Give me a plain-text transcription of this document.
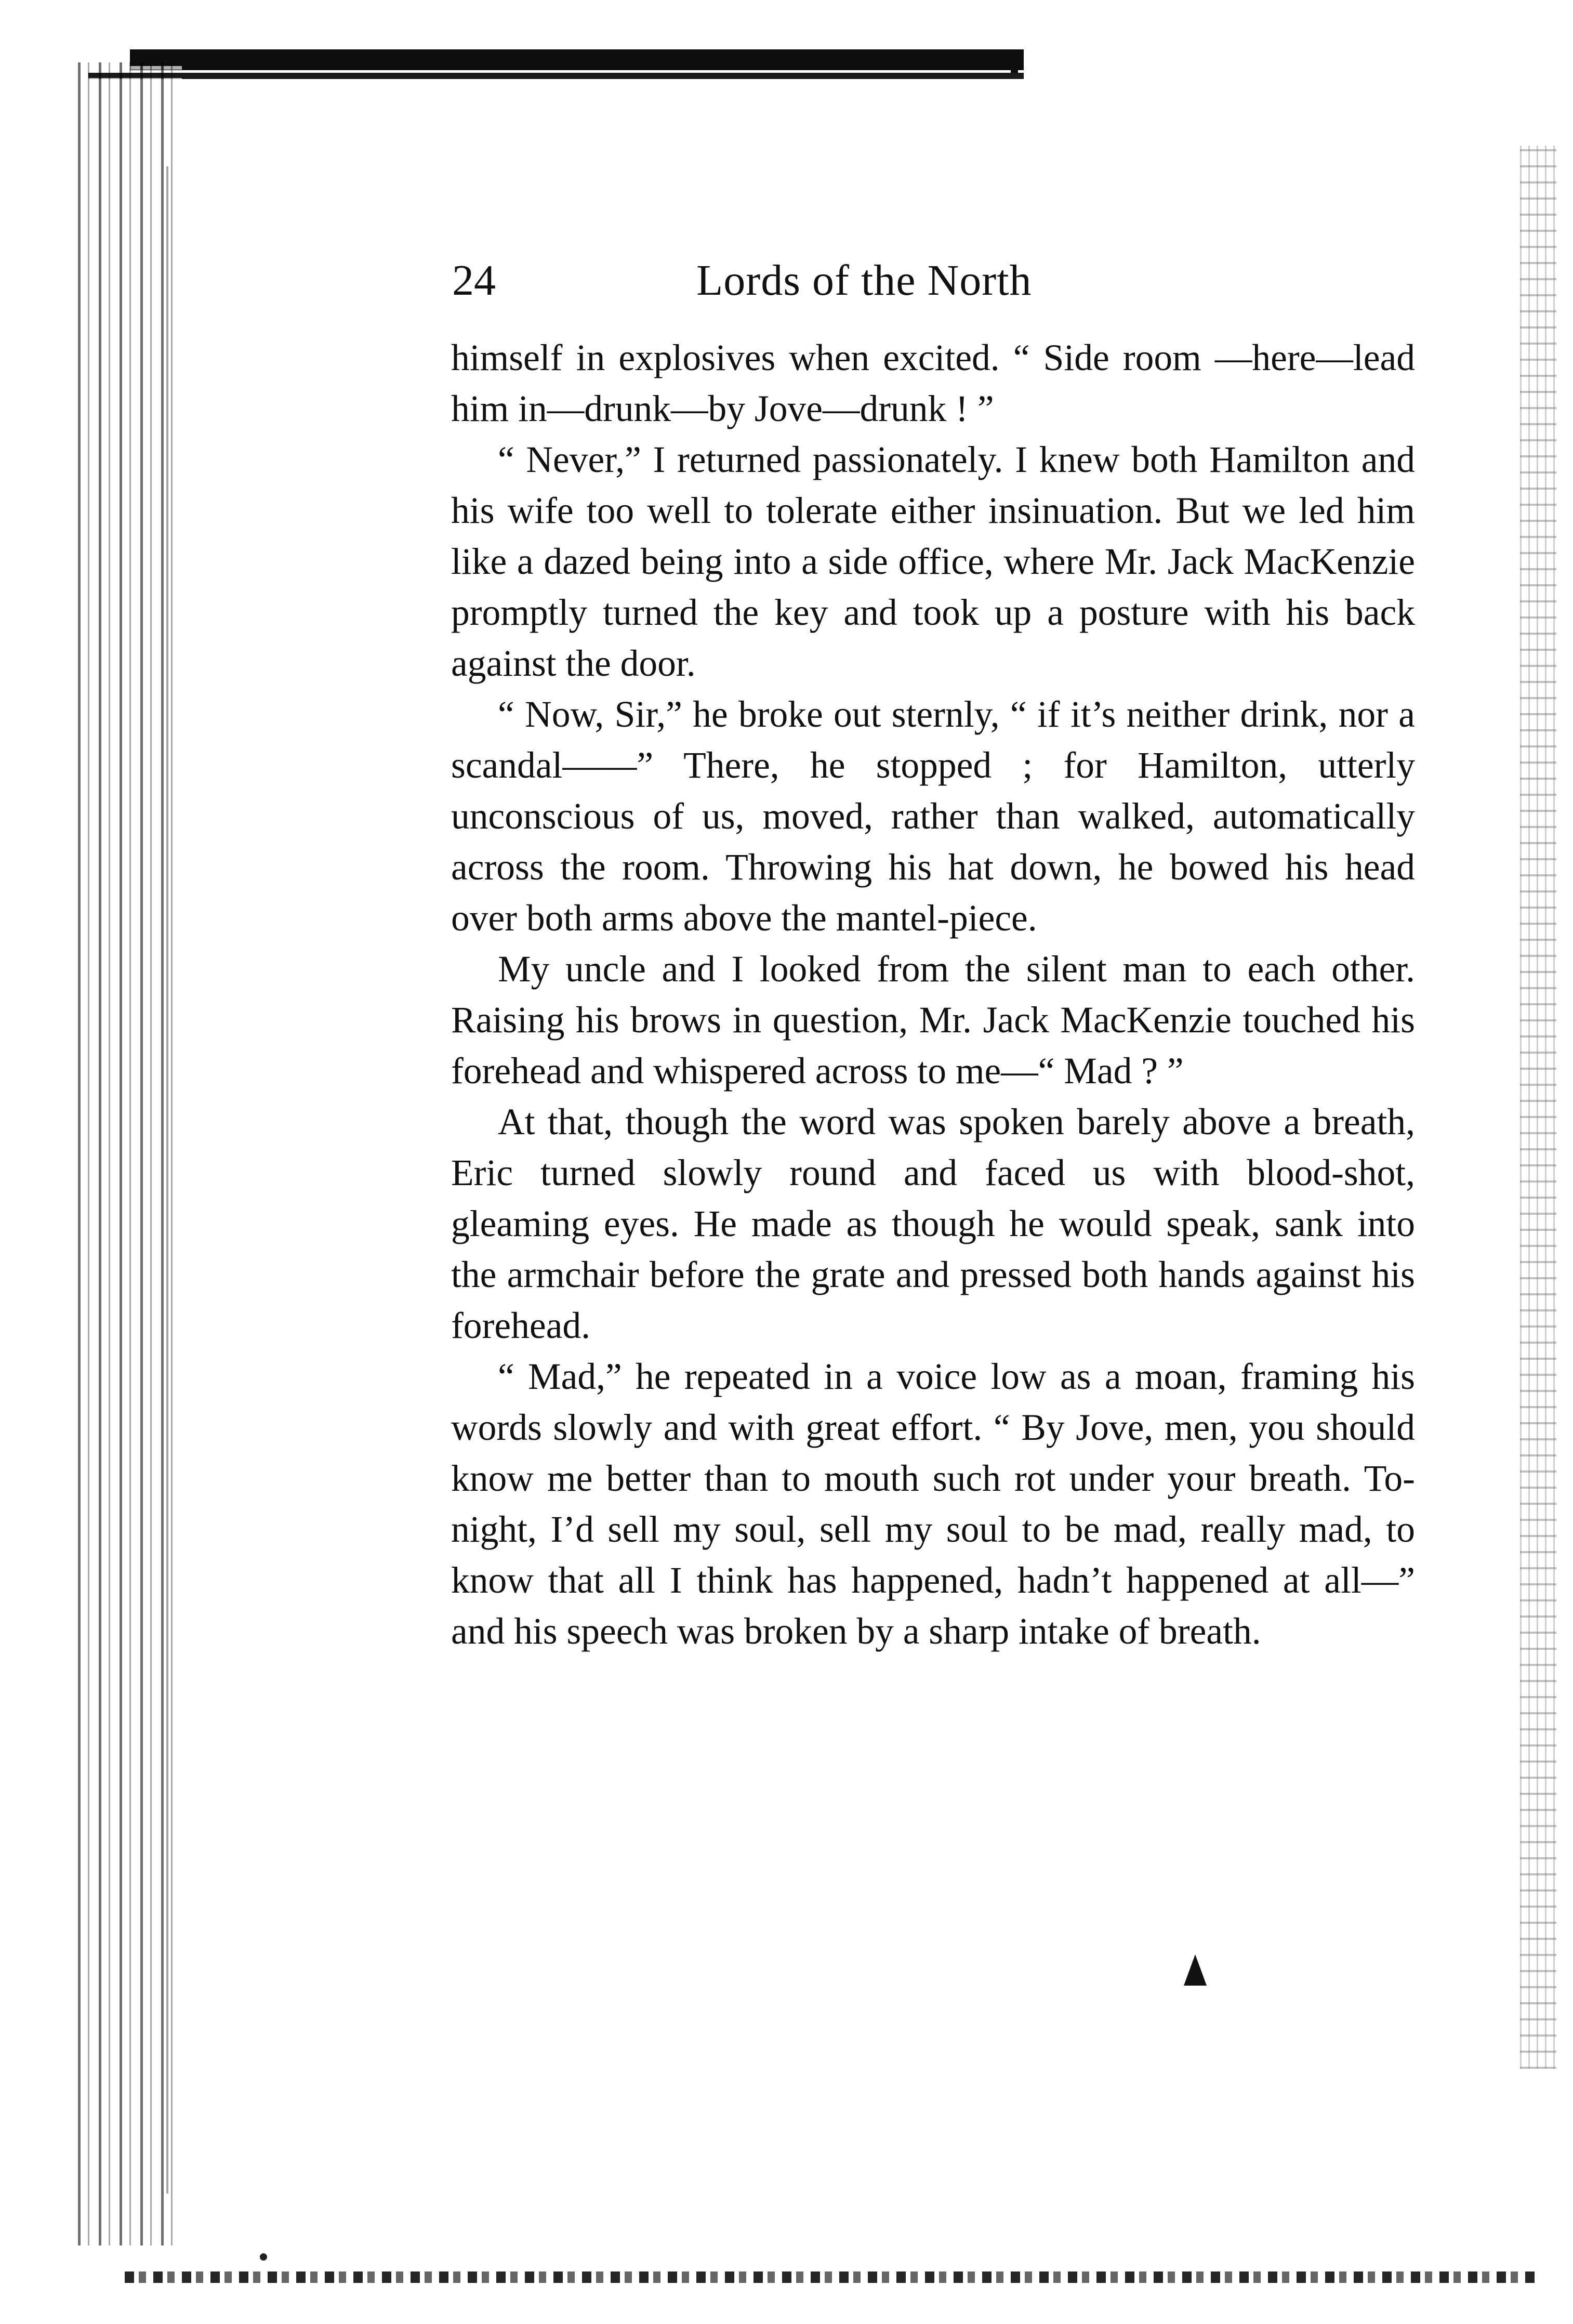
24	Lords of the North

himself in explosives when excited. “ Side room —here—lead him in—drunk—by Jove—drunk ! ”

“ Never,” I returned passionately. I knew both Hamilton and his wife too well to tolerate either insinuation. But we led him like a dazed being into a side office, where Mr. Jack MacKenzie promptly turned the key and took up a posture with his back against the door.

“ Now, Sir,” he broke out sternly, “ if it’s neither drink, nor a scandal——” There, he stopped ; for Hamilton, utterly unconscious of us, moved, rather than walked, automatically across the room. Throwing his hat down, he bowed his head over both arms above the mantel-piece.

My uncle and I looked from the silent man to each other. Raising his brows in question, Mr. Jack MacKenzie touched his forehead and whispered across to me—“ Mad ? ”

At that, though the word was spoken barely above a breath, Eric turned slowly round and faced us with blood-shot, gleaming eyes. He made as though he would speak, sank into the armchair before the grate and pressed both hands against his forehead.

“ Mad,” he repeated in a voice low as a moan, framing his words slowly and with great effort. “ By Jove, men, you should know me better than to mouth such rot under your breath. To-night, I’d sell my soul, sell my soul to be mad, really mad, to know that all I think has happened, hadn’t happened at all—” and his speech was broken by a sharp intake of breath.
